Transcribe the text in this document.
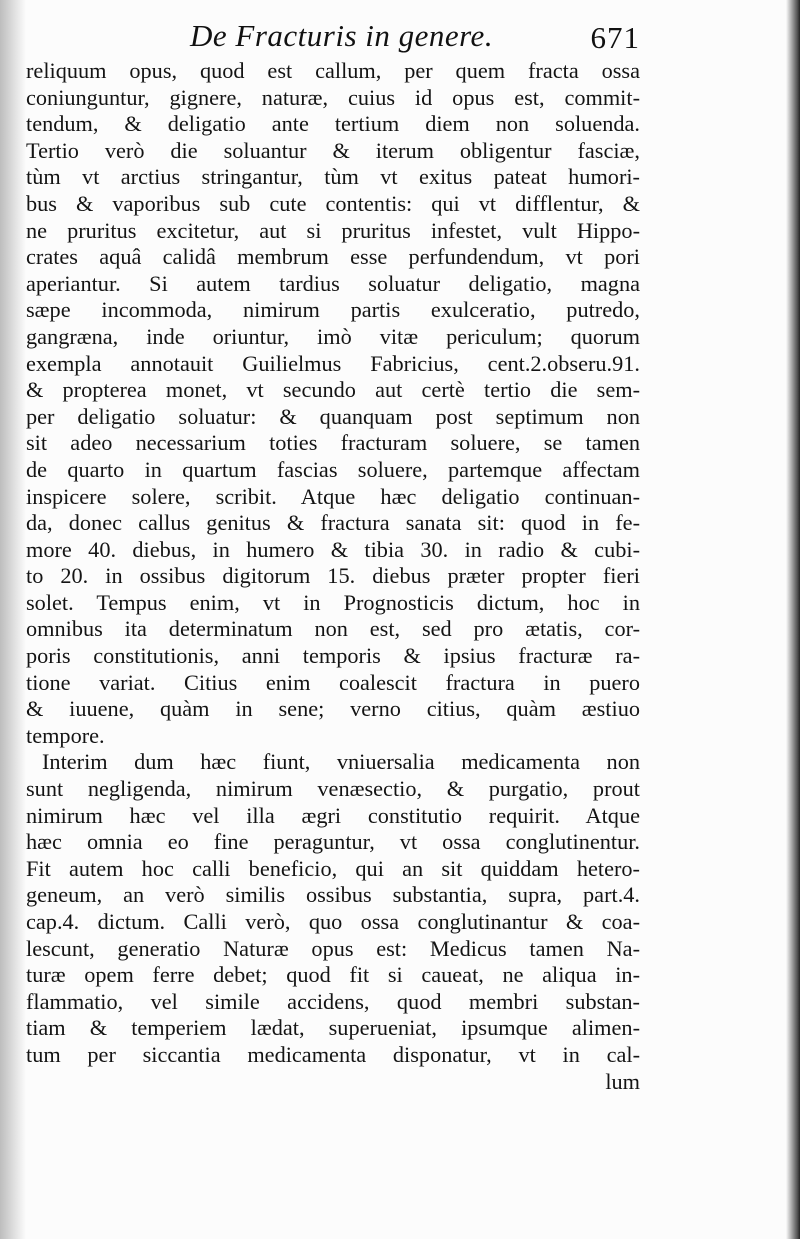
De Fracturis in genere.	671
reliquum opus, quod est callum, per quem fracta ossa
coniunguntur, gignere, naturæ, cuius id opus est, commit-
tendum, & deligatio ante tertium diem non soluenda.
Tertio verò die soluantur & iterum obligentur fasciæ,
tùm vt arctius stringantur, tùm vt exitus pateat humori-
bus & vaporibus sub cute contentis: qui vt difflentur, &
ne pruritus excitetur, aut si pruritus infestet, vult Hippo-
crates aquâ calidâ membrum esse perfundendum, vt pori
aperiantur. Si autem tardius soluatur deligatio, magna
sæpe incommoda, nimirum partis exulceratio, putredo,
gangræna, inde oriuntur, imò vitæ periculum; quorum
exempla annotauit Guilielmus Fabricius, cent.2.obseru.91.
& propterea monet, vt secundo aut certè tertio die sem-
per deligatio soluatur: & quanquam post septimum non
sit adeo necessarium toties fracturam soluere, se tamen
de quarto in quartum fascias soluere, partemque affectam
inspicere solere, scribit. Atque hæc deligatio continuan-
da, donec callus genitus & fractura sanata sit: quod in fe-
more 40. diebus, in humero & tibia 30. in radio & cubi-
to 20. in ossibus digitorum 15. diebus præter propter fieri
solet. Tempus enim, vt in Prognosticis dictum, hoc in
omnibus ita determinatum non est, sed pro ætatis, cor-
poris constitutionis, anni temporis & ipsius fracturæ ra-
tione variat. Citius enim coalescit fractura in puero
& iuuene, quàm in sene; verno citius, quàm æstiuo
tempore.
Interim dum hæc fiunt, vniuersalia medicamenta non
sunt negligenda, nimirum venæsectio, & purgatio, prout
nimirum hæc vel illa ægri constitutio requirit. Atque
hæc omnia eo fine peraguntur, vt ossa conglutinentur.
Fit autem hoc calli beneficio, qui an sit quiddam hetero-
geneum, an verò similis ossibus substantia, supra, part.4.
cap.4. dictum. Calli verò, quo ossa conglutinantur & coa-
lescunt, generatio Naturæ opus est: Medicus tamen Na-
turæ opem ferre debet; quod fit si caueat, ne aliqua in-
flammatio, vel simile accidens, quod membri substan-
tiam & temperiem lædat, superueniat, ipsumque alimen-
tum per siccantia medicamenta disponatur, vt in cal-
lum
